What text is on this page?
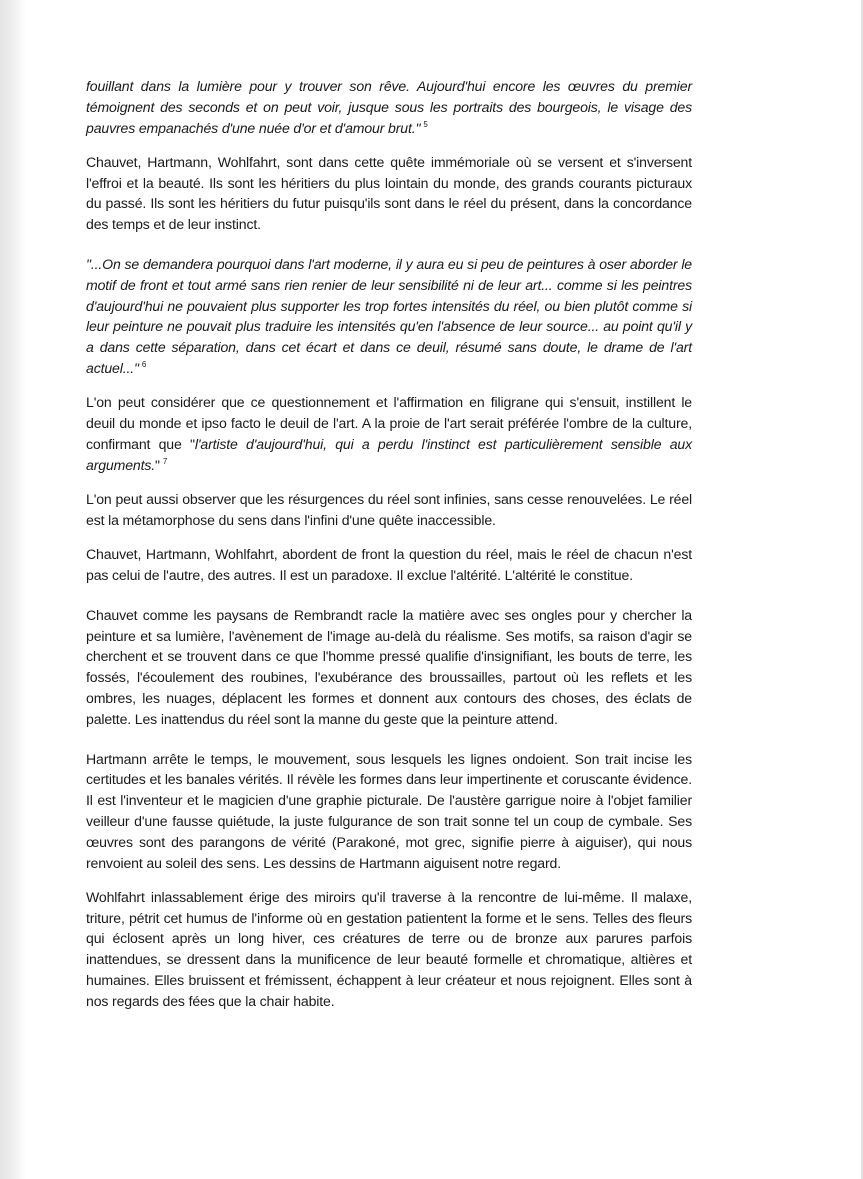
fouillant dans la lumière pour y trouver son rêve. Aujourd'hui encore les œuvres du premier témoignent des seconds et on peut voir, jusque sous les portraits des bourgeois, le visage des pauvres empanachés d'une nuée d'or et d'amour brut." $^5$

Chauvet, Hartmann, Wohlfahrt, sont dans cette quête immémoriale où se versent et s'inversent l'effroi et la beauté. Ils sont les héritiers du plus lointain du monde, des grands courants picturaux du passé. Ils sont les héritiers du futur puisqu'ils sont dans le réel du présent, dans la concordance des temps et de leur instinct.

"...On se demandera pourquoi dans l'art moderne, il y aura eu si peu de peintures à oser aborder le motif de front et tout armé sans rien renier de leur sensibilité ni de leur art... comme si les peintres d'aujourd'hui ne pouvaient plus supporter les trop fortes intensités du réel, ou bien plutôt comme si leur peinture ne pouvait plus traduire les intensités qu'en l'absence de leur source... au point qu'il y a dans cette séparation, dans cet écart et dans ce deuil, résumé sans doute, le drame de l'art actuel..." $^6$

L'on peut considérer que ce questionnement et l'affirmation en filigrane qui s'ensuit, instillent le deuil du monde et ipso facto le deuil de l'art. A la proie de l'art serait préférée l'ombre de la culture, confirmant que "l'artiste d'aujourd'hui, qui a perdu l'instinct est particulièrement sensible aux arguments." $^7$

L'on peut aussi observer que les résurgences du réel sont infinies, sans cesse renouvelées. Le réel est la métamorphose du sens dans l'infini d'une quête inaccessible.

Chauvet, Hartmann, Wohlfahrt, abordent de front la question du réel, mais le réel de chacun n'est pas celui de l'autre, des autres. Il est un paradoxe. Il exclue l'altérité. L'altérité le constitue.

Chauvet comme les paysans de Rembrandt racle la matière avec ses ongles pour y chercher la peinture et sa lumière, l'avènement de l'image au-delà du réalisme. Ses motifs, sa raison d'agir se cherchent et se trouvent dans ce que l'homme pressé qualifie d'insignifiant, les bouts de terre, les fossés, l'écoulement des roubines, l'exubérance des broussailles, partout où les reflets et les ombres, les nuages, déplacent les formes et donnent aux contours des choses, des éclats de palette. Les inattendus du réel sont la manne du geste que la peinture attend.

Hartmann arrête le temps, le mouvement, sous lesquels les lignes ondoient. Son trait incise les certitudes et les banales vérités. Il révèle les formes dans leur impertinente et coruscante évidence. Il est l'inventeur et le magicien d'une graphie picturale. De l'austère garrigue noire à l'objet familier veilleur d'une fausse quiétude, la juste fulgurance de son trait sonne tel un coup de cymbale. Ses œuvres sont des parangons de vérité (Parakoné, mot grec, signifie pierre à aiguiser), qui nous renvoient au soleil des sens. Les dessins de Hartmann aiguisent notre regard.

Wohlfahrt inlassablement érige des miroirs qu'il traverse à la rencontre de lui-même. Il malaxe, triture, pétrit cet humus de l'informe où en gestation patientent la forme et le sens. Telles des fleurs qui éclosent après un long hiver, ces créatures de terre ou de bronze aux parures parfois inattendues, se dressent dans la munificence de leur beauté formelle et chromatique, altières et humaines. Elles bruissent et frémissent, échappent à leur créateur et nous rejoignent. Elles sont à nos regards des fées que la chair habite.
